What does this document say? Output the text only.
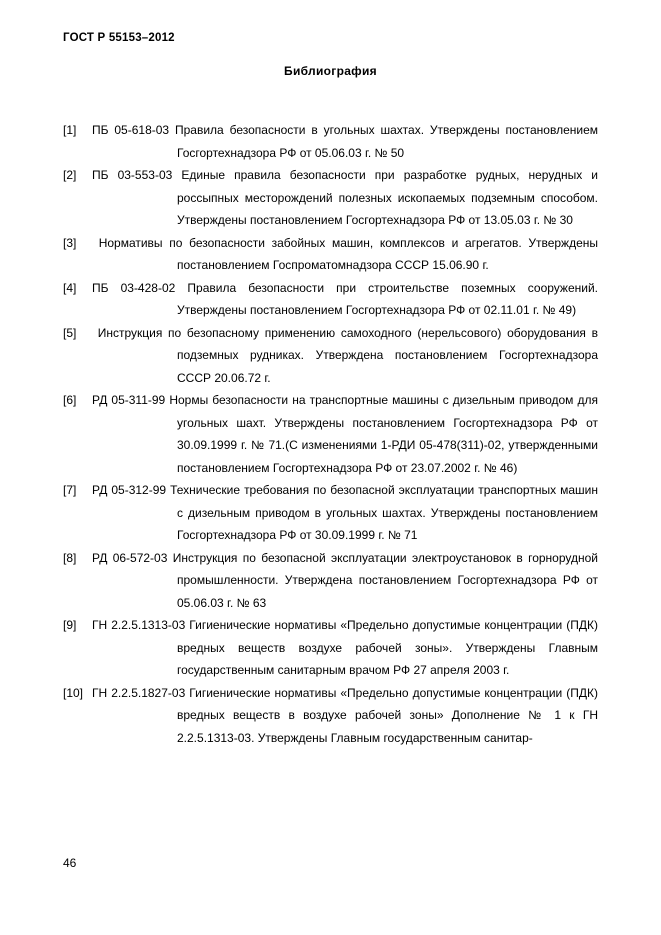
ГОСТ Р 55153–2012
Библиография

[1] ПБ 05-618-03 Правила безопасности в угольных шахтах. Утверждены постановлением Госгортехнадзора РФ от 05.06.03 г. № 50

[2] ПБ 03-553-03 Единые правила безопасности при разработке рудных, нерудных и россыпных месторождений полезных ископаемых подземным способом. Утверждены постановлением Госгортехнадзора РФ от 13.05.03 г. № 30

[3] Нормативы по безопасности забойных машин, комплексов и агрегатов. Утверждены постановлением Госпроматомнадзора СССР 15.06.90 г.

[4] ПБ 03-428-02 Правила безопасности при строительстве поземных сооружений. Утверждены постановлением Госгортехнадзора РФ от 02.11.01 г. № 49)

[5] Инструкция по безопасному применению самоходного (нерельсового) оборудования в подземных рудниках. Утверждена постановлением Госгортехнадзора СССР 20.06.72 г.

[6] РД 05-311-99 Нормы безопасности на транспортные машины с дизельным приводом для угольных шахт. Утверждены постановлением Госгортехнадзора РФ от 30.09.1999 г. № 71.(С изменениями 1-РДИ 05-478(311)-02, утвержденными постановлением Госгортехнадзора РФ от 23.07.2002 г. № 46)

[7] РД 05-312-99 Технические требования по безопасной эксплуатации транспортных машин с дизельным приводом в угольных шахтах. Утверждены постановлением Госгортехнадзора РФ от 30.09.1999 г. № 71

[8] РД 06-572-03 Инструкция по безопасной эксплуатации электроустановок в горнорудной промышленности. Утверждена постановлением Госгортехнадзора РФ от 05.06.03 г. № 63

[9] ГН 2.2.5.1313-03 Гигиенические нормативы «Предельно допустимые концентрации (ПДК) вредных веществ воздухе рабочей зоны». Утверждены Главным государственным санитарным врачом РФ 27 апреля 2003 г.

[10] ГН 2.2.5.1827-03 Гигиенические нормативы «Предельно допустимые концентрации (ПДК) вредных веществ в воздухе рабочей зоны» Дополнение № 1 к ГН 2.2.5.1313-03. Утверждены Главным государственным санитар-

46
